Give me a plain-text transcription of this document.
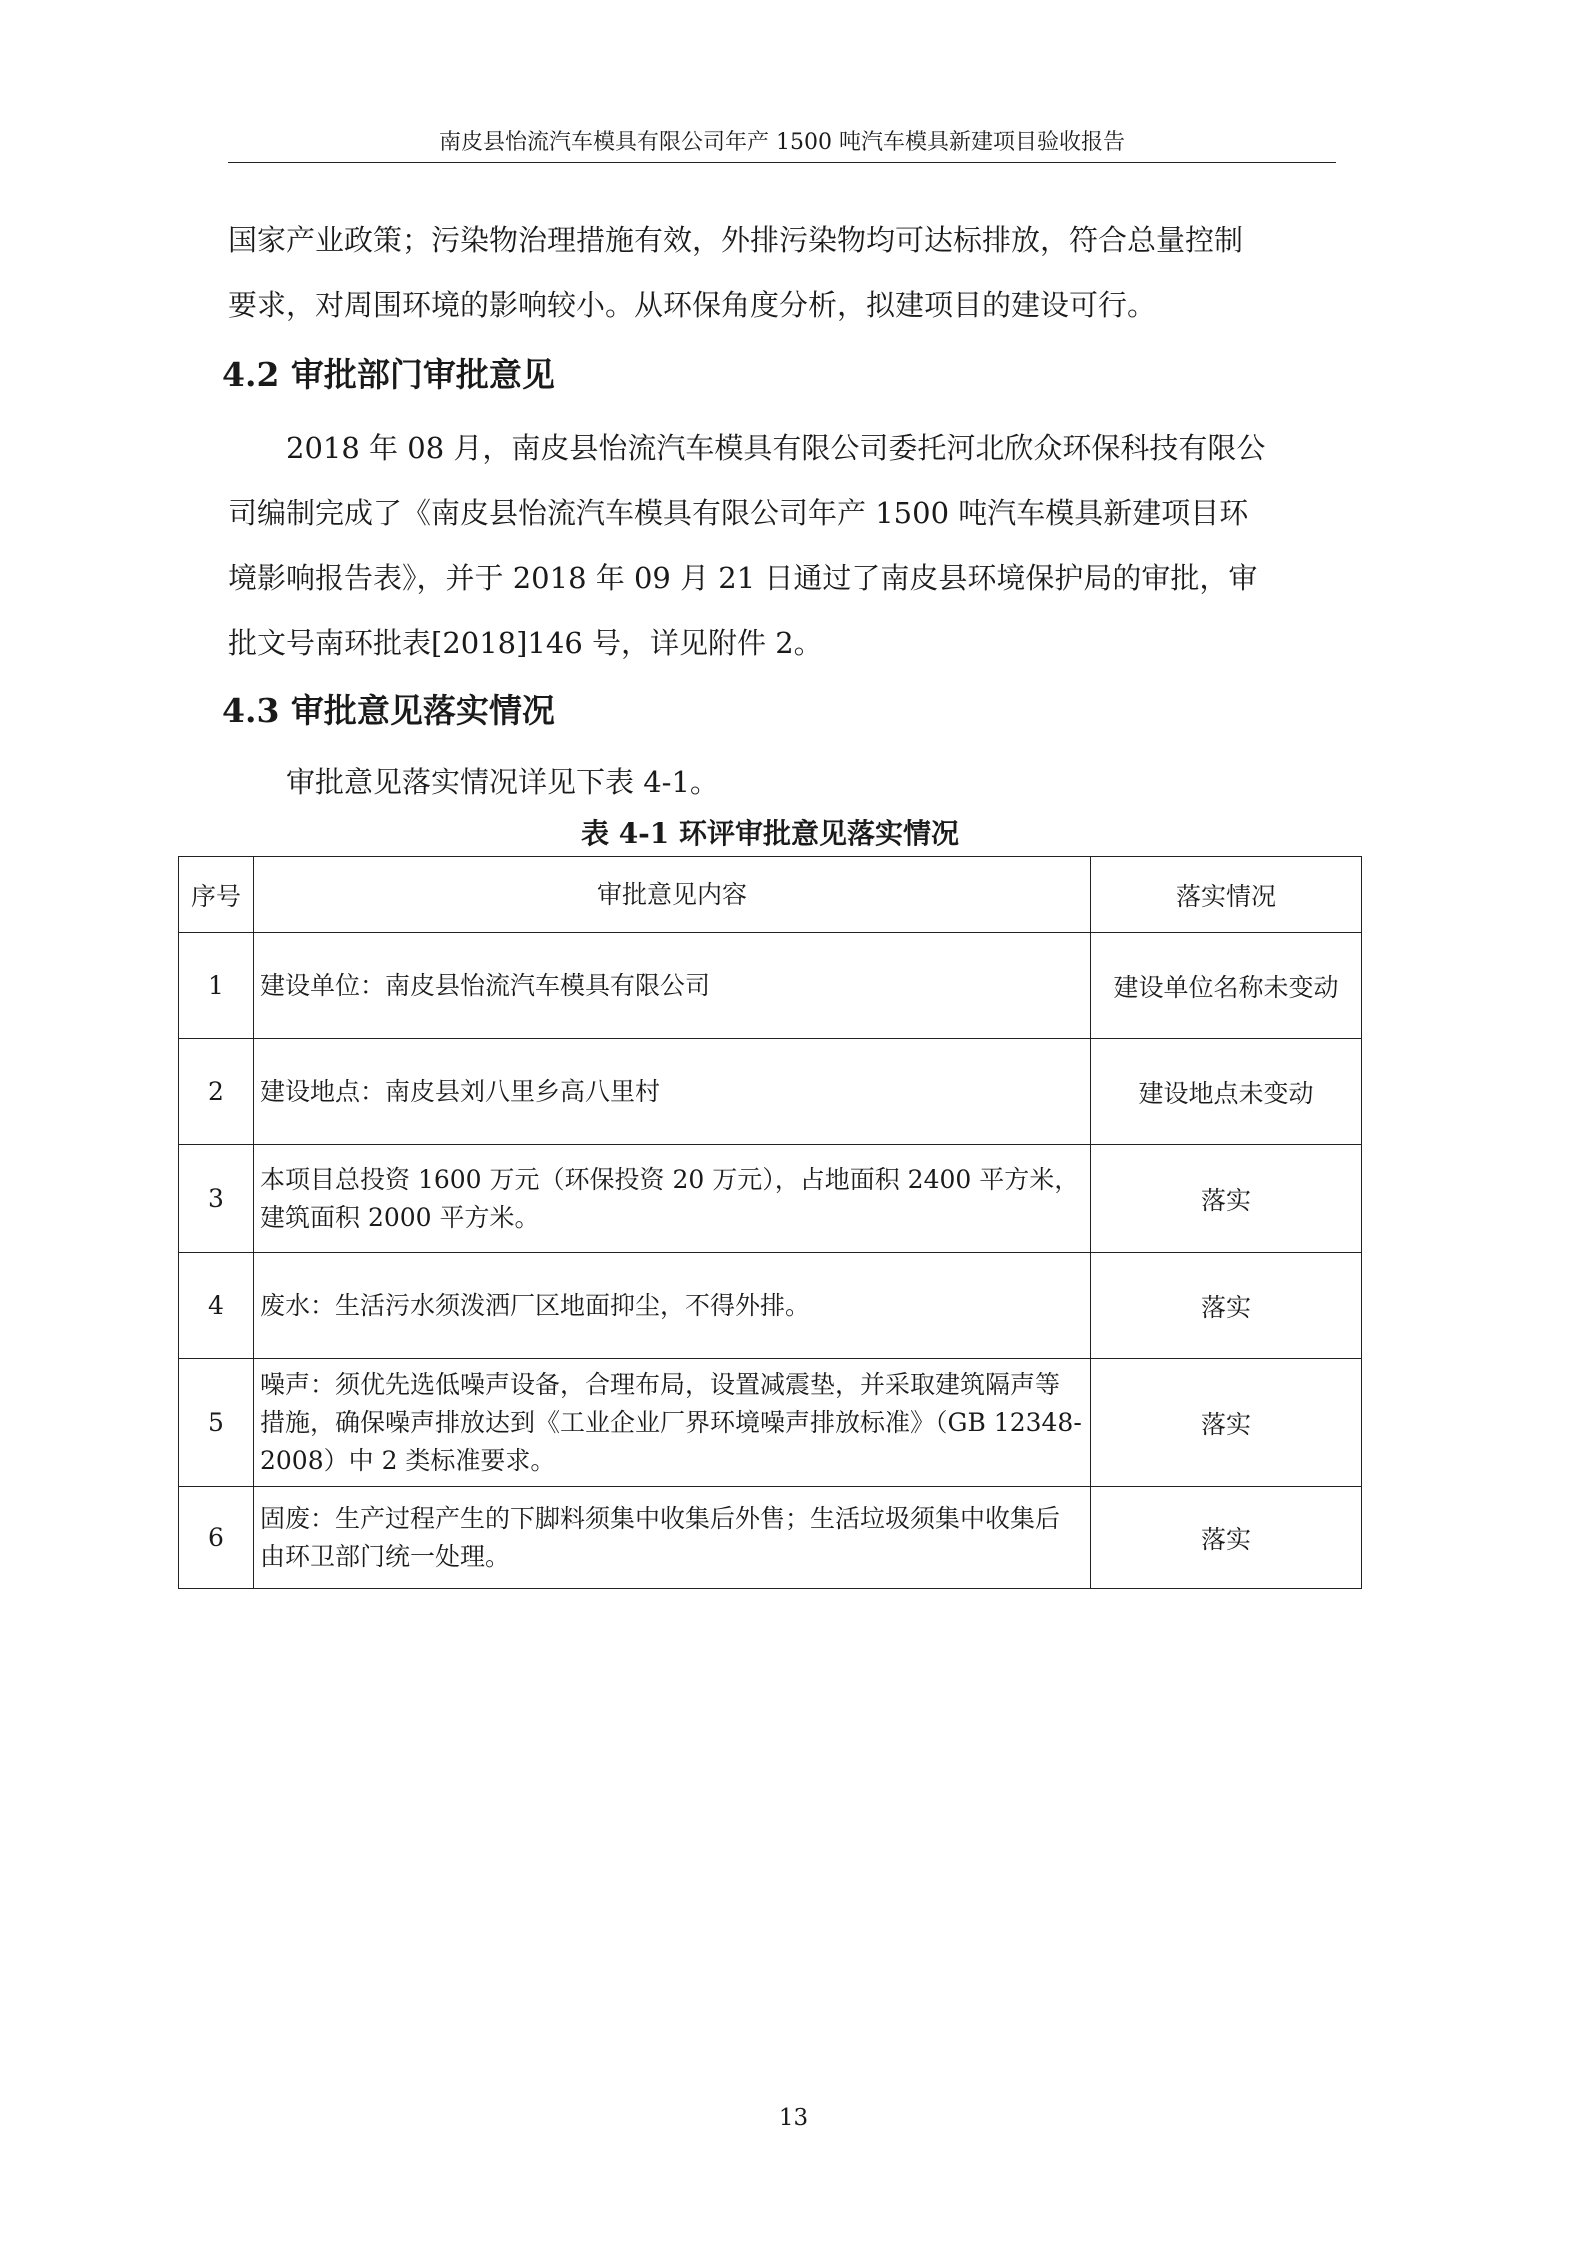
南皮县怡流汽车模具有限公司年产 1500 吨汽车模具新建项目验收报告

国家产业政策；污染物治理措施有效，外排污染物均可达标排放，符合总量控制
要求，对周围环境的影响较小。从环保角度分析，拟建项目的建设可行。

4.2 审批部门审批意见

2018 年 08 月，南皮县怡流汽车模具有限公司委托河北欣众环保科技有限公
司编制完成了《南皮县怡流汽车模具有限公司年产 1500 吨汽车模具新建项目环
境影响报告表》，并于 2018 年 09 月 21 日通过了南皮县环境保护局的审批，审
批文号南环批表[2018]146 号，详见附件 2。

4.3 审批意见落实情况

审批意见落实情况详见下表 4-1。

表 4-1 环评审批意见落实情况
序号	审批意见内容	落实情况
1	建设单位：南皮县怡流汽车模具有限公司	建设单位名称未变动
2	建设地点：南皮县刘八里乡高八里村	建设地点未变动
3	本项目总投资 1600 万元（环保投资 20 万元），占地面积 2400 平方米，建筑面积 2000 平方米。	落实
4	废水：生活污水须泼洒厂区地面抑尘，不得外排。	落实
5	噪声：须优先选低噪声设备，合理布局，设置减震垫，并采取建筑隔声等措施，确保噪声排放达到《工业企业厂界环境噪声排放标准》（GB 12348-2008）中 2 类标准要求。	落实
6	固废：生产过程产生的下脚料须集中收集后外售；生活垃圾须集中收集后由环卫部门统一处理。	落实
13
